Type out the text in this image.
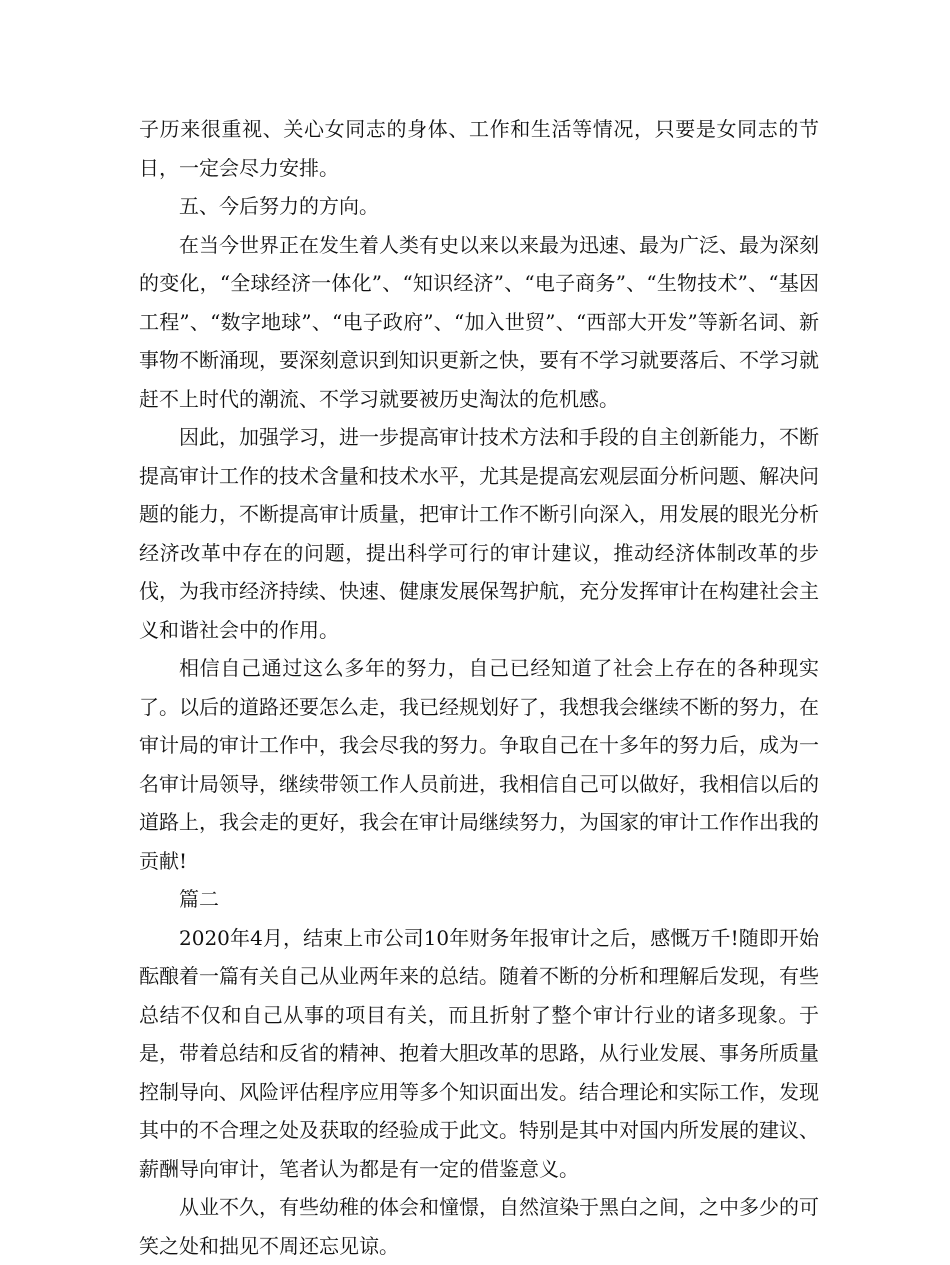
子历来很重视、关心女同志的身体、工作和生活等情况，只要是女同志的节日，一定会尽力安排。

五、今后努力的方向。

在当今世界正在发生着人类有史以来以来最为迅速、最为广泛、最为深刻的变化，“全球经济一体化”、“知识经济”、“电子商务”、“生物技术”、“基因工程”、“数字地球”、“电子政府”、“加入世贸”、“西部大开发”等新名词、新事物不断涌现，要深刻意识到知识更新之快，要有不学习就要落后、不学习就赶不上时代的潮流、不学习就要被历史淘汰的危机感。

因此，加强学习，进一步提高审计技术方法和手段的自主创新能力，不断提高审计工作的技术含量和技术水平，尤其是提高宏观层面分析问题、解决问题的能力，不断提高审计质量，把审计工作不断引向深入，用发展的眼光分析经济改革中存在的问题，提出科学可行的审计建议，推动经济体制改革的步伐，为我市经济持续、快速、健康发展保驾护航，充分发挥审计在构建社会主义和谐社会中的作用。

相信自己通过这么多年的努力，自己已经知道了社会上存在的各种现实了。以后的道路还要怎么走，我已经规划好了，我想我会继续不断的努力，在审计局的审计工作中，我会尽我的努力。争取自己在十多年的努力后，成为一名审计局领导，继续带领工作人员前进，我相信自己可以做好，我相信以后的道路上，我会走的更好，我会在审计局继续努力，为国家的审计工作作出我的贡献!

篇二

2020年4月，结束上市公司10年财务年报审计之后，感慨万千!随即开始酝酿着一篇有关自己从业两年来的总结。随着不断的分析和理解后发现，有些总结不仅和自己从事的项目有关，而且折射了整个审计行业的诸多现象。于是，带着总结和反省的精神、抱着大胆改革的思路，从行业发展、事务所质量控制导向、风险评估程序应用等多个知识面出发。结合理论和实际工作，发现其中的不合理之处及获取的经验成于此文。特别是其中对国内所发展的建议、薪酬导向审计，笔者认为都是有一定的借鉴意义。

从业不久，有些幼稚的体会和憧憬，自然渲染于黑白之间，之中多少的可笑之处和拙见不周还忘见谅。
